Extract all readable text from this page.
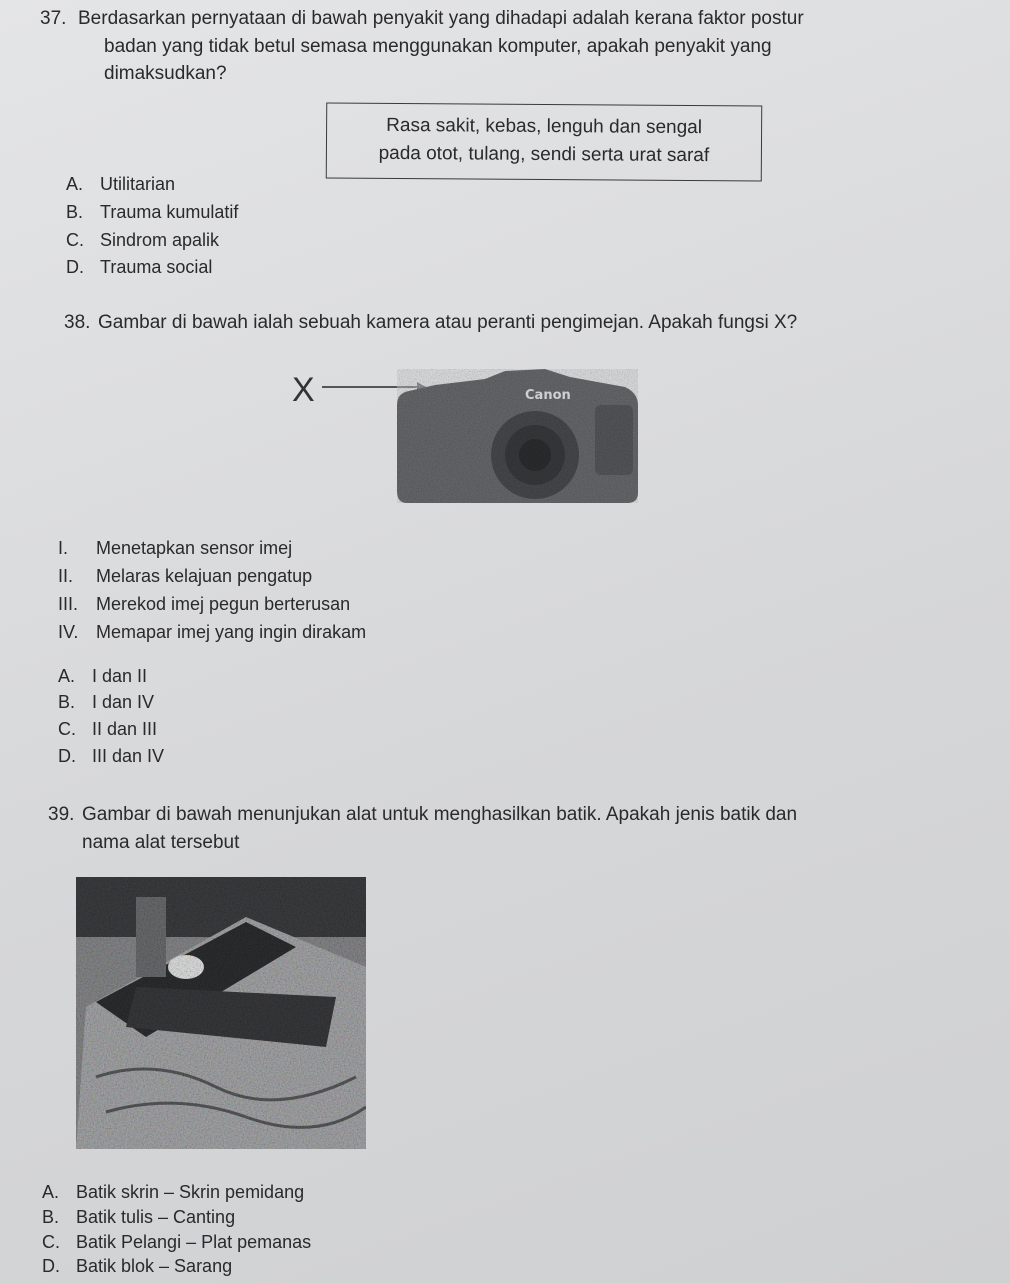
37. Berdasarkan pernyataan di bawah penyakit yang dihadapi adalah kerana faktor postur
badan yang tidak betul semasa menggunakan komputer, apakah penyakit yang
dimaksudkan?
Rasa sakit, kebas, lenguh dan sengal
pada otot, tulang, sendi serta urat saraf
A. Utilitarian
B. Trauma kumulatif
C. Sindrom apalik
D. Trauma social
38. Gambar di bawah ialah sebuah kamera atau peranti pengimejan. Apakah fungsi X?
X	Canon
I. Menetapkan sensor imej
II. Melaras kelajuan pengatup
III. Merekod imej pegun berterusan
IV. Memapar imej yang ingin dirakam
A. I dan II
B. I dan IV
C. II dan III
D. III dan IV
39. Gambar di bawah menunjukan alat untuk menghasilkan batik. Apakah jenis batik dan
nama alat tersebut
A. Batik skrin – Skrin pemidang
B. Batik tulis – Canting
C. Batik Pelangi – Plat pemanas
D. Batik blok – Sarang
